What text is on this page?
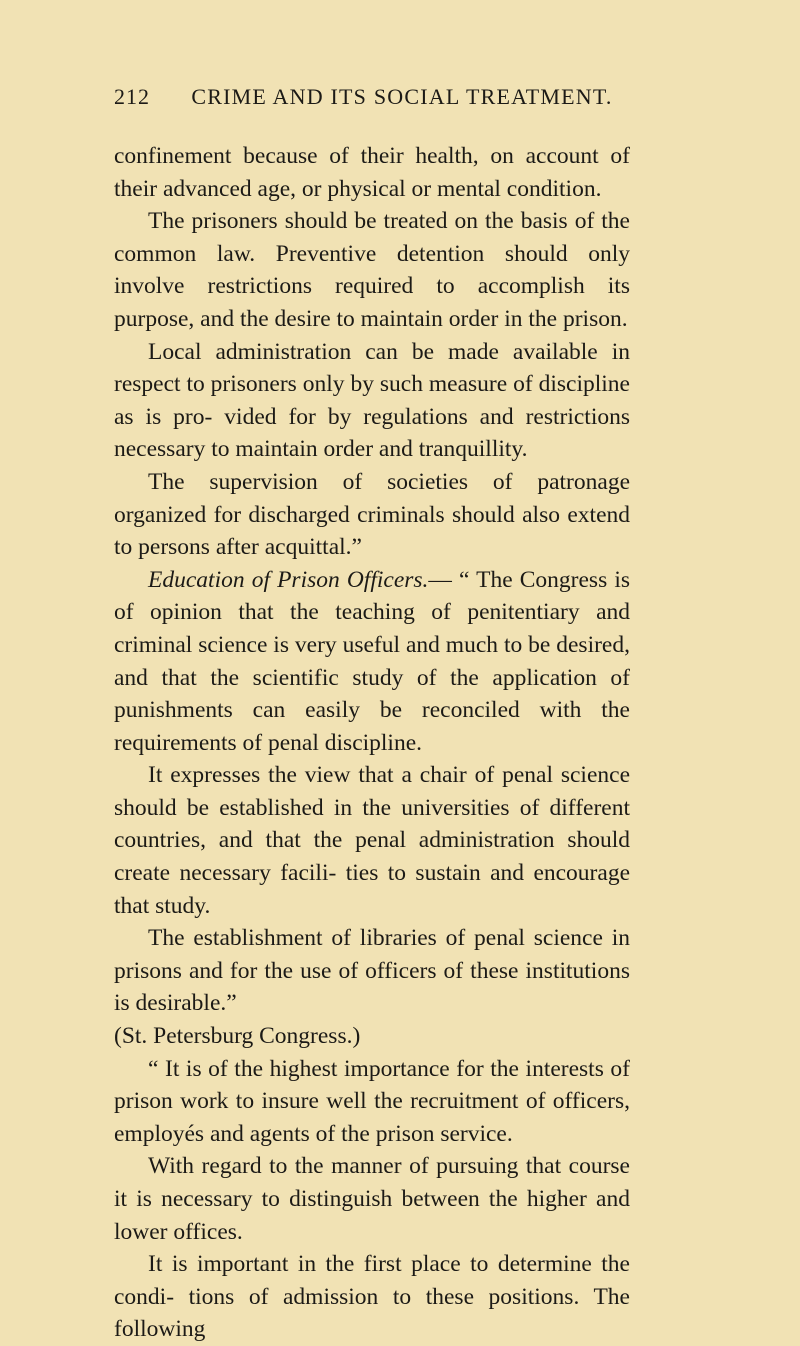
212	CRIME AND ITS SOCIAL TREATMENT.

confinement because of their health, on account of their advanced age, or physical or mental condition.

The prisoners should be treated on the basis of the common law. Preventive detention should only involve restrictions required to accomplish its purpose, and the desire to maintain order in the prison.

Local administration can be made available in respect to prisoners only by such measure of discipline as is pro- vided for by regulations and restrictions necessary to maintain order and tranquillity.

The supervision of societies of patronage organized for discharged criminals should also extend to persons after acquittal.”

Education of Prison Officers.— “ The Congress is of opinion that the teaching of penitentiary and criminal science is very useful and much to be desired, and that the scientific study of the application of punishments can easily be reconciled with the requirements of penal discipline.

It expresses the view that a chair of penal science should be established in the universities of different countries, and that the penal administration should create necessary facili- ties to sustain and encourage that study.

The establishment of libraries of penal science in prisons and for the use of officers of these institutions is desirable.”

(St. Petersburg Congress.)

“ It is of the highest importance for the interests of prison work to insure well the recruitment of officers, employés and agents of the prison service.

With regard to the manner of pursuing that course it is necessary to distinguish between the higher and lower offices.

It is important in the first place to determine the condi- tions of admission to these positions. The following
